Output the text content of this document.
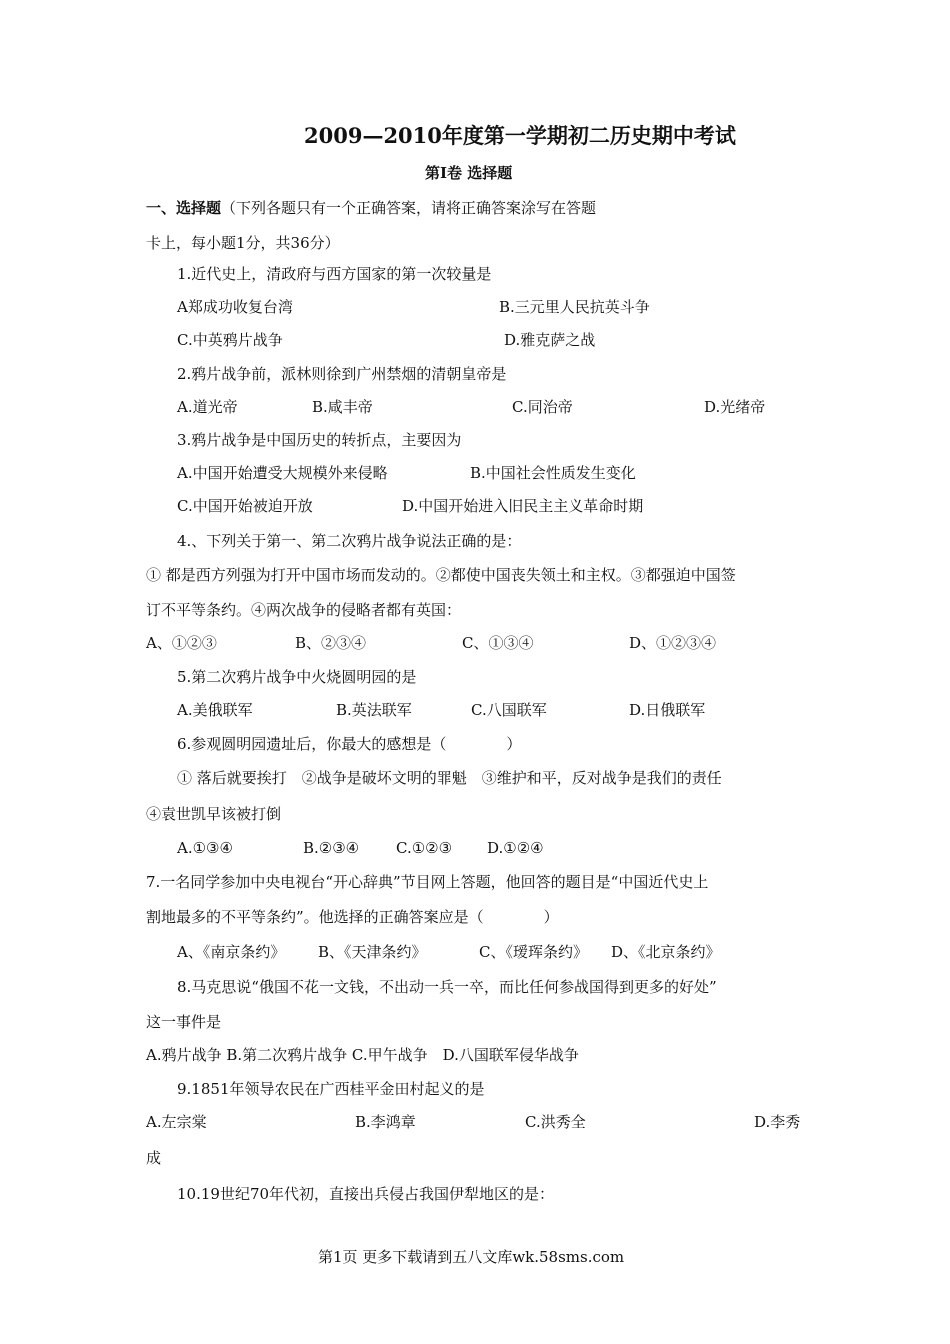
2009—2010年度第一学期初二历史期中考试
第I卷 选择题
一、选择题（下列各题只有一个正确答案，请将正确答案涂写在答题
卡上，每小题1分，共36分）
1.近代史上，清政府与西方国家的第一次较量是
A郑成功收复台湾	B.三元里人民抗英斗争
C.中英鸦片战争	D.雅克萨之战
2.鸦片战争前，派林则徐到广州禁烟的清朝皇帝是
A.道光帝	B.咸丰帝	C.同治帝	D.光绪帝
3.鸦片战争是中国历史的转折点，主要因为
A.中国开始遭受大规模外来侵略	B.中国社会性质发生变化
C.中国开始被迫开放	D.中国开始进入旧民主主义革命时期
4.、下列关于第一、第二次鸦片战争说法正确的是：
① 都是西方列强为打开中国市场而发动的。②都使中国丧失领土和主权。③都强迫中国签
订不平等条约。④两次战争的侵略者都有英国：
A、①②③	B、②③④	C、①③④	D、①②③④
5.第二次鸦片战争中火烧圆明园的是
A.美俄联军	B.英法联军	C.八国联军	D.日俄联军
6.参观圆明园遗址后，你最大的感想是（　　　　）
① 落后就要挨打　②战争是破坏文明的罪魁　③维护和平，反对战争是我们的责任
④袁世凯早该被打倒
A.①③④	B.②③④ C.①②③ D.①②④
7.一名同学参加中央电视台“开心辞典”节目网上答题，他回答的题目是“中国近代史上
割地最多的不平等条约”。他选择的正确答案应是（　　　　）
A、《南京条约》 B、《天津条约》	C、《瑷珲条约》 D、《北京条约》
8.马克思说“俄国不花一文钱，不出动一兵一卒，而比任何参战国得到更多的好处”
这一事件是
A.鸦片战争 B.第二次鸦片战争 C.甲午战争　D.八国联军侵华战争
9.1851年领导农民在广西桂平金田村起义的是
A.左宗棠	B.李鸿章	C.洪秀全	D.李秀
成
10.19世纪70年代初，直接出兵侵占我国伊犁地区的是：
第1页 更多下载请到五八文库wk.58sms.com
